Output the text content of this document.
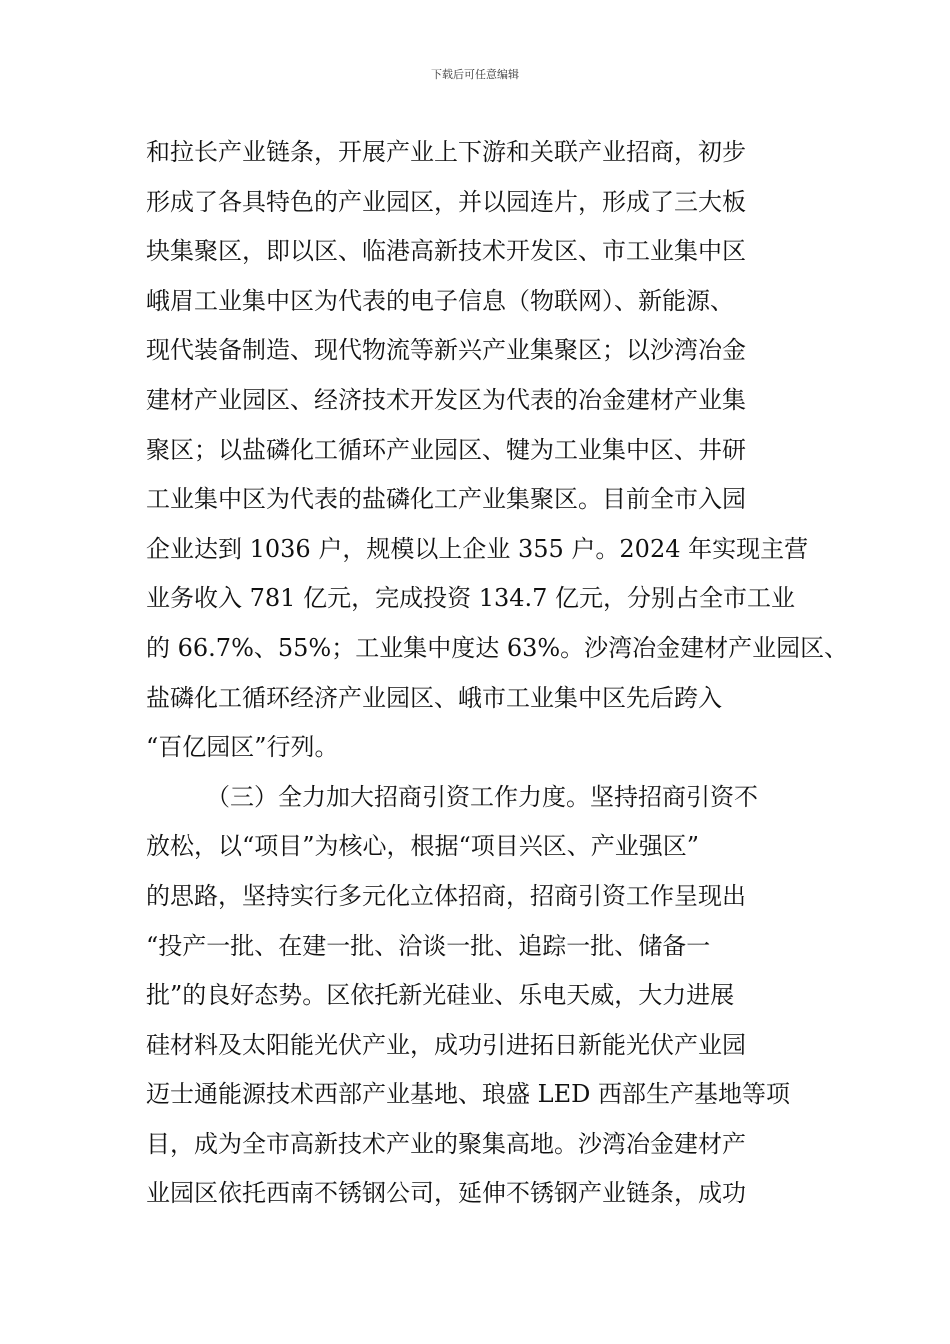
下载后可任意编辑
和拉长产业链条，开展产业上下游和关联产业招商，初步
形成了各具特色的产业园区，并以园连片，形成了三大板
块集聚区，即以区、临港高新技术开发区、市工业集中区
峨眉工业集中区为代表的电子信息（物联网）、新能源、
现代装备制造、现代物流等新兴产业集聚区；以沙湾冶金
建材产业园区、经济技术开发区为代表的冶金建材产业集
聚区；以盐磷化工循环产业园区、犍为工业集中区、井研
工业集中区为代表的盐磷化工产业集聚区。目前全市入园
企业达到 1036 户，规模以上企业 355 户。2024 年实现主营
业务收入 781 亿元，完成投资 134.7 亿元，分别占全市工业
的 66.7%、55%；工业集中度达 63%。沙湾冶金建材产业园区、
盐磷化工循环经济产业园区、峨市工业集中区先后跨入
“百亿园区”行列。
（三）全力加大招商引资工作力度。坚持招商引资不
放松，以“项目”为核心，根据“项目兴区、产业强区”
的思路，坚持实行多元化立体招商，招商引资工作呈现出
“投产一批、在建一批、洽谈一批、追踪一批、储备一
批”的良好态势。区依托新光硅业、乐电天威，大力进展
硅材料及太阳能光伏产业，成功引进拓日新能光伏产业园
迈士通能源技术西部产业基地、琅盛 LED 西部生产基地等项
目，成为全市高新技术产业的聚集高地。沙湾冶金建材产
业园区依托西南不锈钢公司，延伸不锈钢产业链条，成功
